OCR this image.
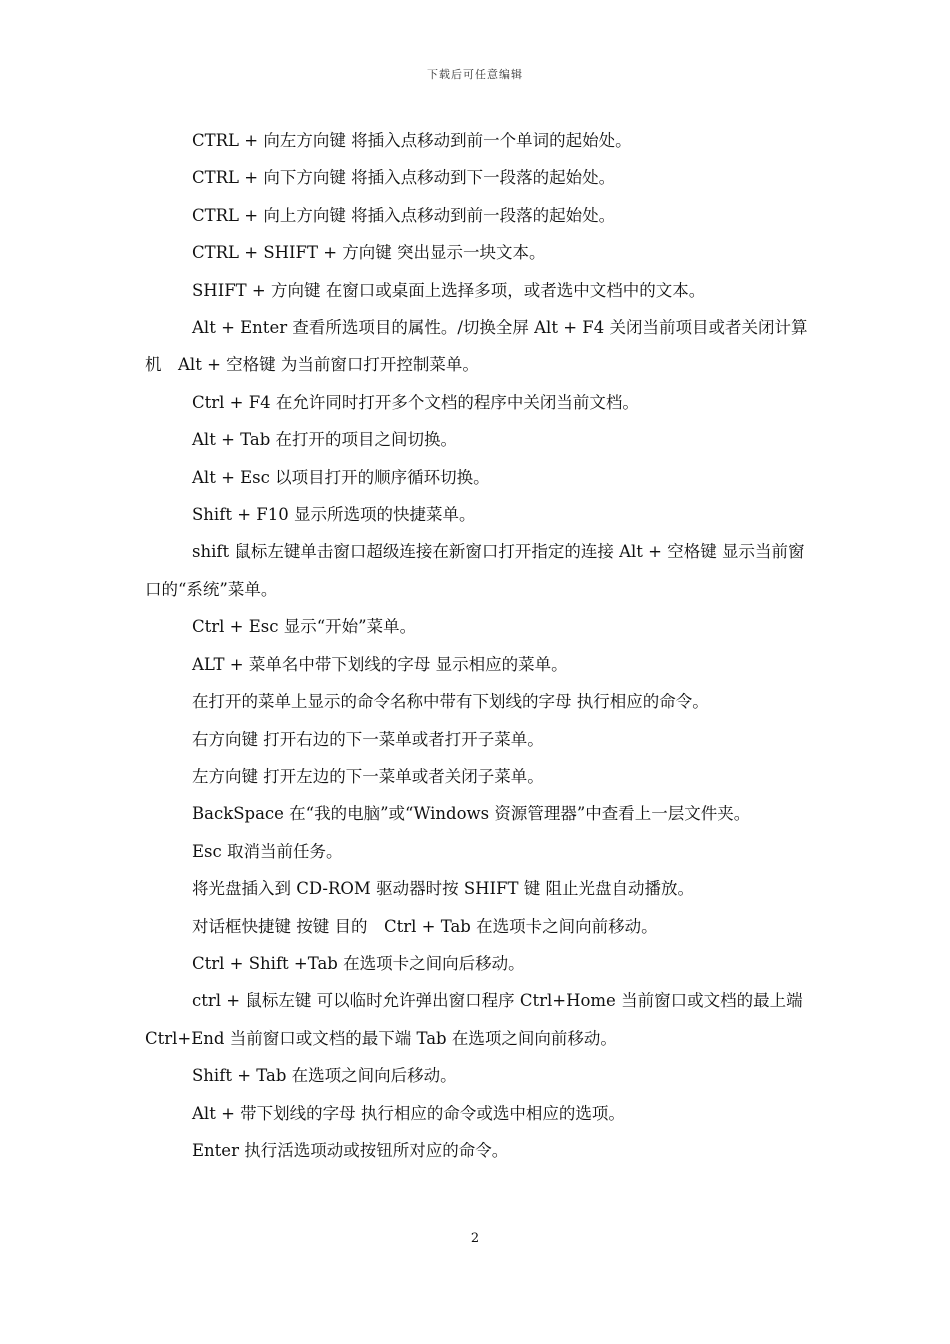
下载后可任意编辑

CTRL + 向左方向键 将插入点移动到前一个单词的起始处。

CTRL + 向下方向键 将插入点移动到下一段落的起始处。

CTRL + 向上方向键 将插入点移动到前一段落的起始处。

CTRL + SHIFT + 方向键 突出显示一块文本。

SHIFT + 方向键 在窗口或桌面上选择多项，或者选中文档中的文本。

Alt + Enter 查看所选项目的属性。/切换全屏 Alt + F4 关闭当前项目或者关闭计算机　Alt + 空格键 为当前窗口打开控制菜单。

Ctrl + F4 在允许同时打开多个文档的程序中关闭当前文档。

Alt + Tab 在打开的项目之间切换。

Alt + Esc 以项目打开的顺序循环切换。

Shift + F10 显示所选项的快捷菜单。

shift 鼠标左键单击窗口超级连接在新窗口打开指定的连接 Alt + 空格键 显示当前窗口的“系统”菜单。

Ctrl + Esc 显示“开始”菜单。

ALT + 菜单名中带下划线的字母 显示相应的菜单。

在打开的菜单上显示的命令名称中带有下划线的字母 执行相应的命令。

右方向键 打开右边的下一菜单或者打开子菜单。

左方向键 打开左边的下一菜单或者关闭子菜单。

BackSpace 在“我的电脑”或“Windows 资源管理器”中查看上一层文件夹。

Esc 取消当前任务。

将光盘插入到 CD-ROM 驱动器时按 SHIFT 键 阻止光盘自动播放。

对话框快捷键 按键 目的　Ctrl + Tab 在选项卡之间向前移动。

Ctrl + Shift +Tab 在选项卡之间向后移动。

ctrl + 鼠标左键 可以临时允许弹出窗口程序 Ctrl+Home 当前窗口或文档的最上端 Ctrl+End 当前窗口或文档的最下端 Tab 在选项之间向前移动。

Shift + Tab 在选项之间向后移动。

Alt + 带下划线的字母 执行相应的命令或选中相应的选项。

Enter 执行活选项动或按钮所对应的命令。

2
